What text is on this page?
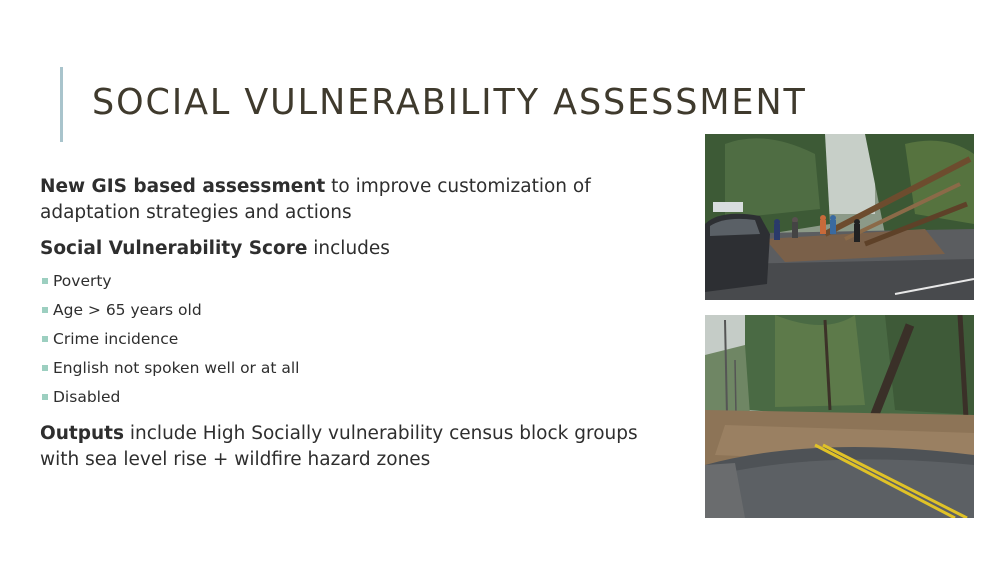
SOCIAL VULNERABILITY ASSESSMENT

New GIS based assessment to improve customization of adaptation strategies and actions

Social Vulnerability Score includes

Poverty
Age > 65 years old
Crime incidence
English not spoken well or at all
Disabled

Outputs include High Socially vulnerability census block groups with sea level rise + wildfire hazard zones
